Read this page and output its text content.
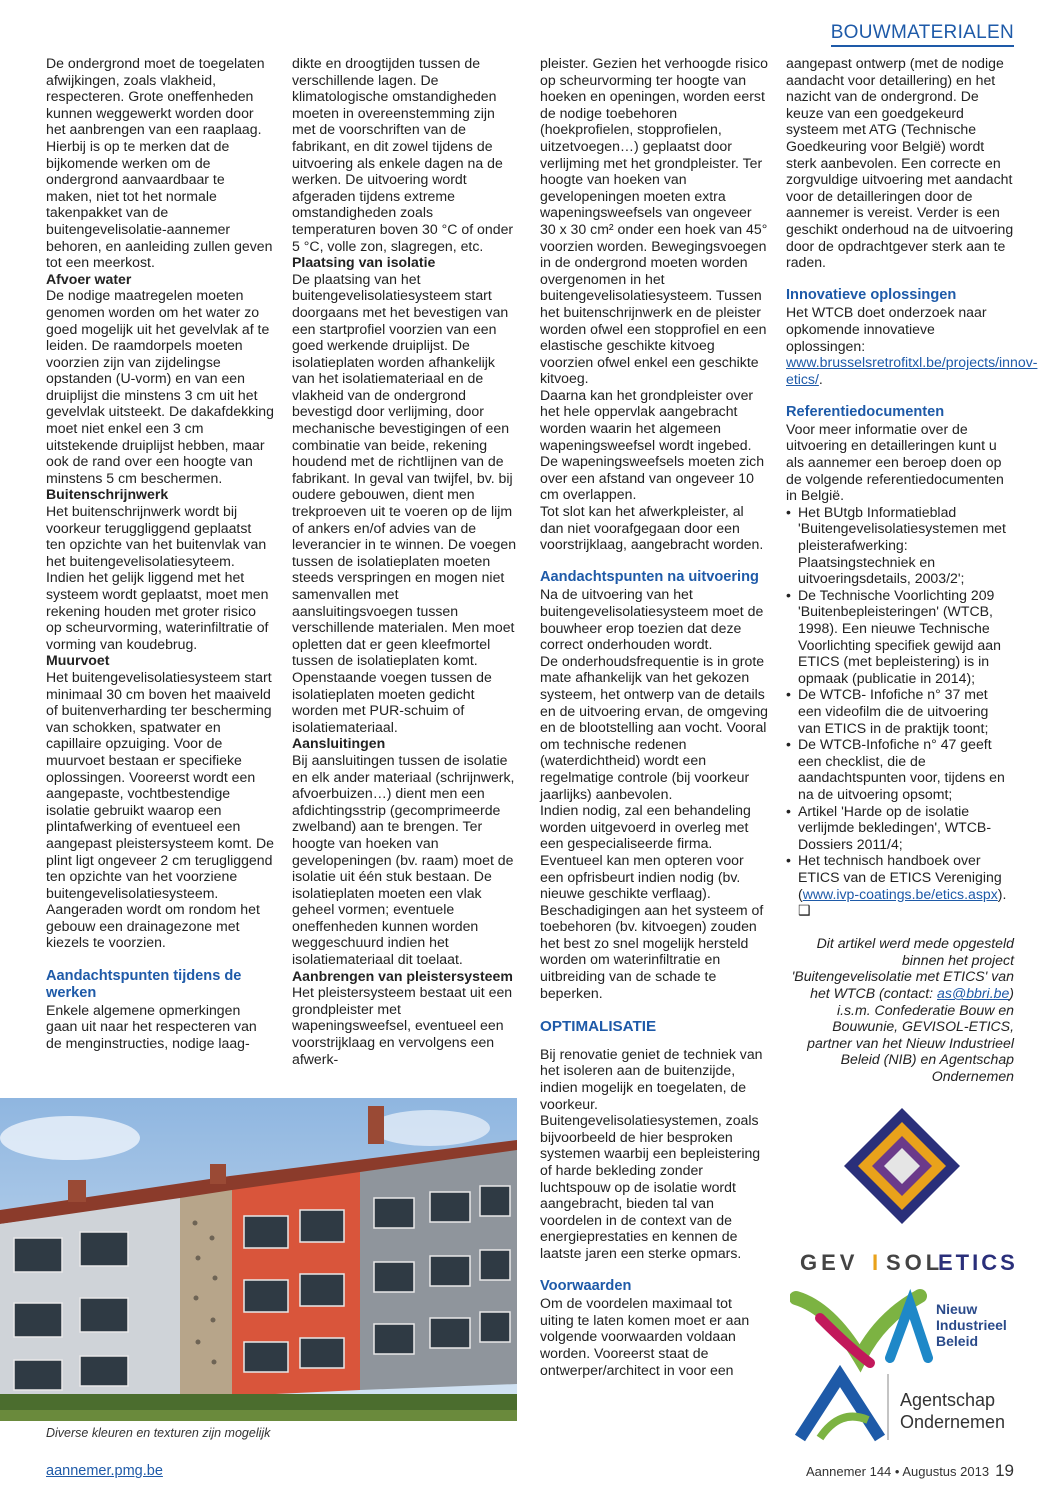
BOUWMATERIALEN

De ondergrond moet de toegelaten afwijkingen, zoals vlakheid, respecteren. Grote oneffenheden kunnen weggewerkt worden door het aanbrengen van een raaplaag. Hierbij is op te merken dat de bijkomende werken om de ondergrond aanvaardbaar te maken, niet tot het normale takenpakket van de buitengevelisolatie-aannemer behoren, en aanleiding zullen geven tot een meerkost.

Afvoer water

De nodige maatregelen moeten genomen worden om het water zo goed mogelijk uit het gevelvlak af te leiden. De raamdorpels moeten voorzien zijn van zijdelingse opstanden (U-vorm) en van een druiplijst die minstens 3 cm uit het gevelvlak uitsteekt. De dakafdekking moet niet enkel een 3 cm uitstekende druiplijst hebben, maar ook de rand over een hoogte van minstens 5 cm beschermen.

Buitenschrijnwerk

Het buitenschrijnwerk wordt bij voorkeur teruggliggend geplaatst ten opzichte van het buitenvlak van het buitengevelisolatiesyteem. Indien het gelijk liggend met het systeem wordt geplaatst, moet men rekening houden met groter risico op scheurvorming, waterinfiltratie of vorming van koudebrug.

Muurvoet

Het buitengevelisolatiesysteem start minimaal 30 cm boven het maaiveld of buitenverharding ter bescherming van schokken, spatwater en capillaire opzuiging. Voor de muurvoet bestaan er specifieke oplossingen. Vooreerst wordt een aangepaste, vochtbestendige isolatie gebruikt waarop een plintafwerking of eventueel een aangepast pleistersysteem komt. De plint ligt ongeveer 2 cm terugliggend ten opzichte van het voorziene buitengevelisolatiesysteem. Aangeraden wordt om rondom het gebouw een drainagezone met kiezels te voorzien.

Aandachtspunten tijdens de werken

Enkele algemene opmerkingen gaan uit naar het respecteren van de menginstructies, nodige laag-

dikte en droogtijden tussen de verschillende lagen. De klimatologische omstandigheden moeten in overeenstemming zijn met de voorschriften van de fabrikant, en dit zowel tijdens de uitvoering als enkele dagen na de werken. De uitvoering wordt afgeraden tijdens extreme omstandigheden zoals temperaturen boven 30 °C of onder 5 °C, volle zon, slagregen, etc.

Plaatsing van isolatie

De plaatsing van het buitengevelisolatiesysteem start doorgaans met het bevestigen van een startprofiel voorzien van een goed werkende druiplijst. De isolatieplaten worden afhankelijk van het isolatiemateriaal en de vlakheid van de ondergrond bevestigd door verlijming, door mechanische bevestigingen of een combinatie van beide, rekening houdend met de richtlijnen van de fabrikant. In geval van twijfel, bv. bij oudere gebouwen, dient men trekproeven uit te voeren op de lijm of ankers en/of advies van de leverancier in te winnen. De voegen tussen de isolatieplaten moeten steeds verspringen en mogen niet samenvallen met aansluitingsvoegen tussen verschillende materialen. Men moet opletten dat er geen kleefmortel tussen de isolatieplaten komt. Openstaande voegen tussen de isolatieplaten moeten gedicht worden met PUR-schuim of isolatiemateriaal.

Aansluitingen

Bij aansluitingen tussen de isolatie en elk ander materiaal (schrijnwerk, afvoerbuizen…) dient men een afdichtingsstrip (gecomprimeerde zwelband) aan te brengen. Ter hoogte van hoeken van gevelopeningen (bv. raam) moet de isolatie uit één stuk bestaan. De isolatieplaten moeten een vlak geheel vormen; eventuele oneffenheden kunnen worden weggeschuurd indien het isolatiemateriaal dit toelaat.

Aanbrengen van pleistersysteem

Het pleistersysteem bestaat uit een grondpleister met wapeningsweefsel, eventueel een voorstrijklaag en vervolgens een afwerk-

pleister. Gezien het verhoogde risico op scheurvorming ter hoogte van hoeken en openingen, worden eerst de nodige toebehoren (hoekprofielen, stopprofielen, uitzetvoegen…) geplaatst door verlijming met het grondpleister. Ter hoogte van hoeken van gevelopeningen moeten extra wapeningsweefsels van ongeveer 30 x 30 cm² onder een hoek van 45° voorzien worden. Bewegingsvoegen in de ondergrond moeten worden overgenomen in het buitengevelisolatiesysteem. Tussen het buitenschrijnwerk en de pleister worden ofwel een stopprofiel en een elastische geschikte kitvoeg voorzien ofwel enkel een geschikte kitvoeg.

Daarna kan het grondpleister over het hele oppervlak aangebracht worden waarin het algemeen wapeningsweefsel wordt ingebed. De wapeningsweefsels moeten zich over een afstand van ongeveer 10 cm overlappen.

Tot slot kan het afwerkpleister, al dan niet voorafgegaan door een voorstrijklaag, aangebracht worden.

Aandachtspunten na uitvoering

Na de uitvoering van het buitengevelisolatiesysteem moet de bouwheer erop toezien dat deze correct onderhouden wordt.

De onderhoudsfrequentie is in grote mate afhankelijk van het gekozen systeem, het ontwerp van de details en de uitvoering ervan, de omgeving en de blootstelling aan vocht. Vooral om technische redenen (waterdichtheid) wordt een regelmatige controle (bij voorkeur jaarlijks) aanbevolen.

Indien nodig, zal een behandeling worden uitgevoerd in overleg met een gespecialiseerde firma. Eventueel kan men opteren voor een opfrisbeurt indien nodig (bv. nieuwe geschikte verflaag). Beschadigingen aan het systeem of toebehoren (bv. kitvoegen) zouden het best zo snel mogelijk hersteld worden om waterinfiltratie en uitbreiding van de schade te beperken.

OPTIMALISATIE

Bij renovatie geniet de techniek van het isoleren aan de buitenzijde, indien mogelijk en toegelaten, de voorkeur. Buitengevelisolatiesystemen, zoals bijvoorbeeld de hier besproken systemen waarbij een bepleistering of harde bekleding zonder luchtspouw op de isolatie wordt aangebracht, bieden tal van voordelen in de context van de energieprestaties en kennen de laatste jaren een sterke opmars.

Voorwaarden

Om de voordelen maximaal tot uiting te laten komen moet er aan volgende voorwaarden voldaan worden. Vooreerst staat de ontwerper/architect in voor een

aangepast ontwerp (met de nodige aandacht voor detaillering) en het nazicht van de ondergrond. De keuze van een goedgekeurd systeem met ATG (Technische Goedkeuring voor België) wordt sterk aanbevolen. Een correcte en zorgvuldige uitvoering met aandacht voor de detailleringen door de aannemer is vereist. Verder is een geschikt onderhoud na de uitvoering door de opdrachtgever sterk aan te raden.

Innovatieve oplossingen

Het WTCB doet onderzoek naar opkomende innovatieve oplossingen: www.brusselsretrofitxl.be/projects/innov-etics/.

Referentiedocumenten

Voor meer informatie over de uitvoering en detailleringen kunt u als aannemer een beroep doen op de volgende referentiedocumenten in België.

• Het BUtgb Informatieblad 'Buitengevelisolatiesystemen met pleisterafwerking: Plaatsingstechniek en uitvoeringsdetails, 2003/2';
• De Technische Voorlichting 209 'Buitenbepleisteringen' (WTCB, 1998). Een nieuwe Technische Voorlichting specifiek gewijd aan ETICS (met bepleistering) is in opmaak (publicatie in 2014);
• De WTCB- Infofiche n° 37 met een videofilm die de uitvoering van ETICS in de praktijk toont;
• De WTCB-Infofiche n° 47 geeft een checklist, die de aandachtspunten voor, tijdens en na de uitvoering opsomt;
• Artikel 'Harde op de isolatie verlijmde bekledingen', WTCB-Dossiers 2011/4;
• Het technisch handboek over ETICS van de ETICS Vereniging (www.ivp-coatings.be/etics.aspx). ❑

Dit artikel werd mede opgesteld binnen het project 'Buitengevelisolatie met ETICS' van het WTCB (contact: as@bbri.be) i.s.m. Confederatie Bouw en Bouwunie, GEVISOL-ETICS, partner van het Nieuw Industrieel Beleid (NIB) en Agentschap Ondernemen

Diverse kleuren en texturen zijn mogelijk
GEV I SOL
ETICS
Nieuw
Industrieel
Beleid
Agentschap
Ondernemen
aannemer.pmg.be	Aannemer 144 • Augustus 2013 19
